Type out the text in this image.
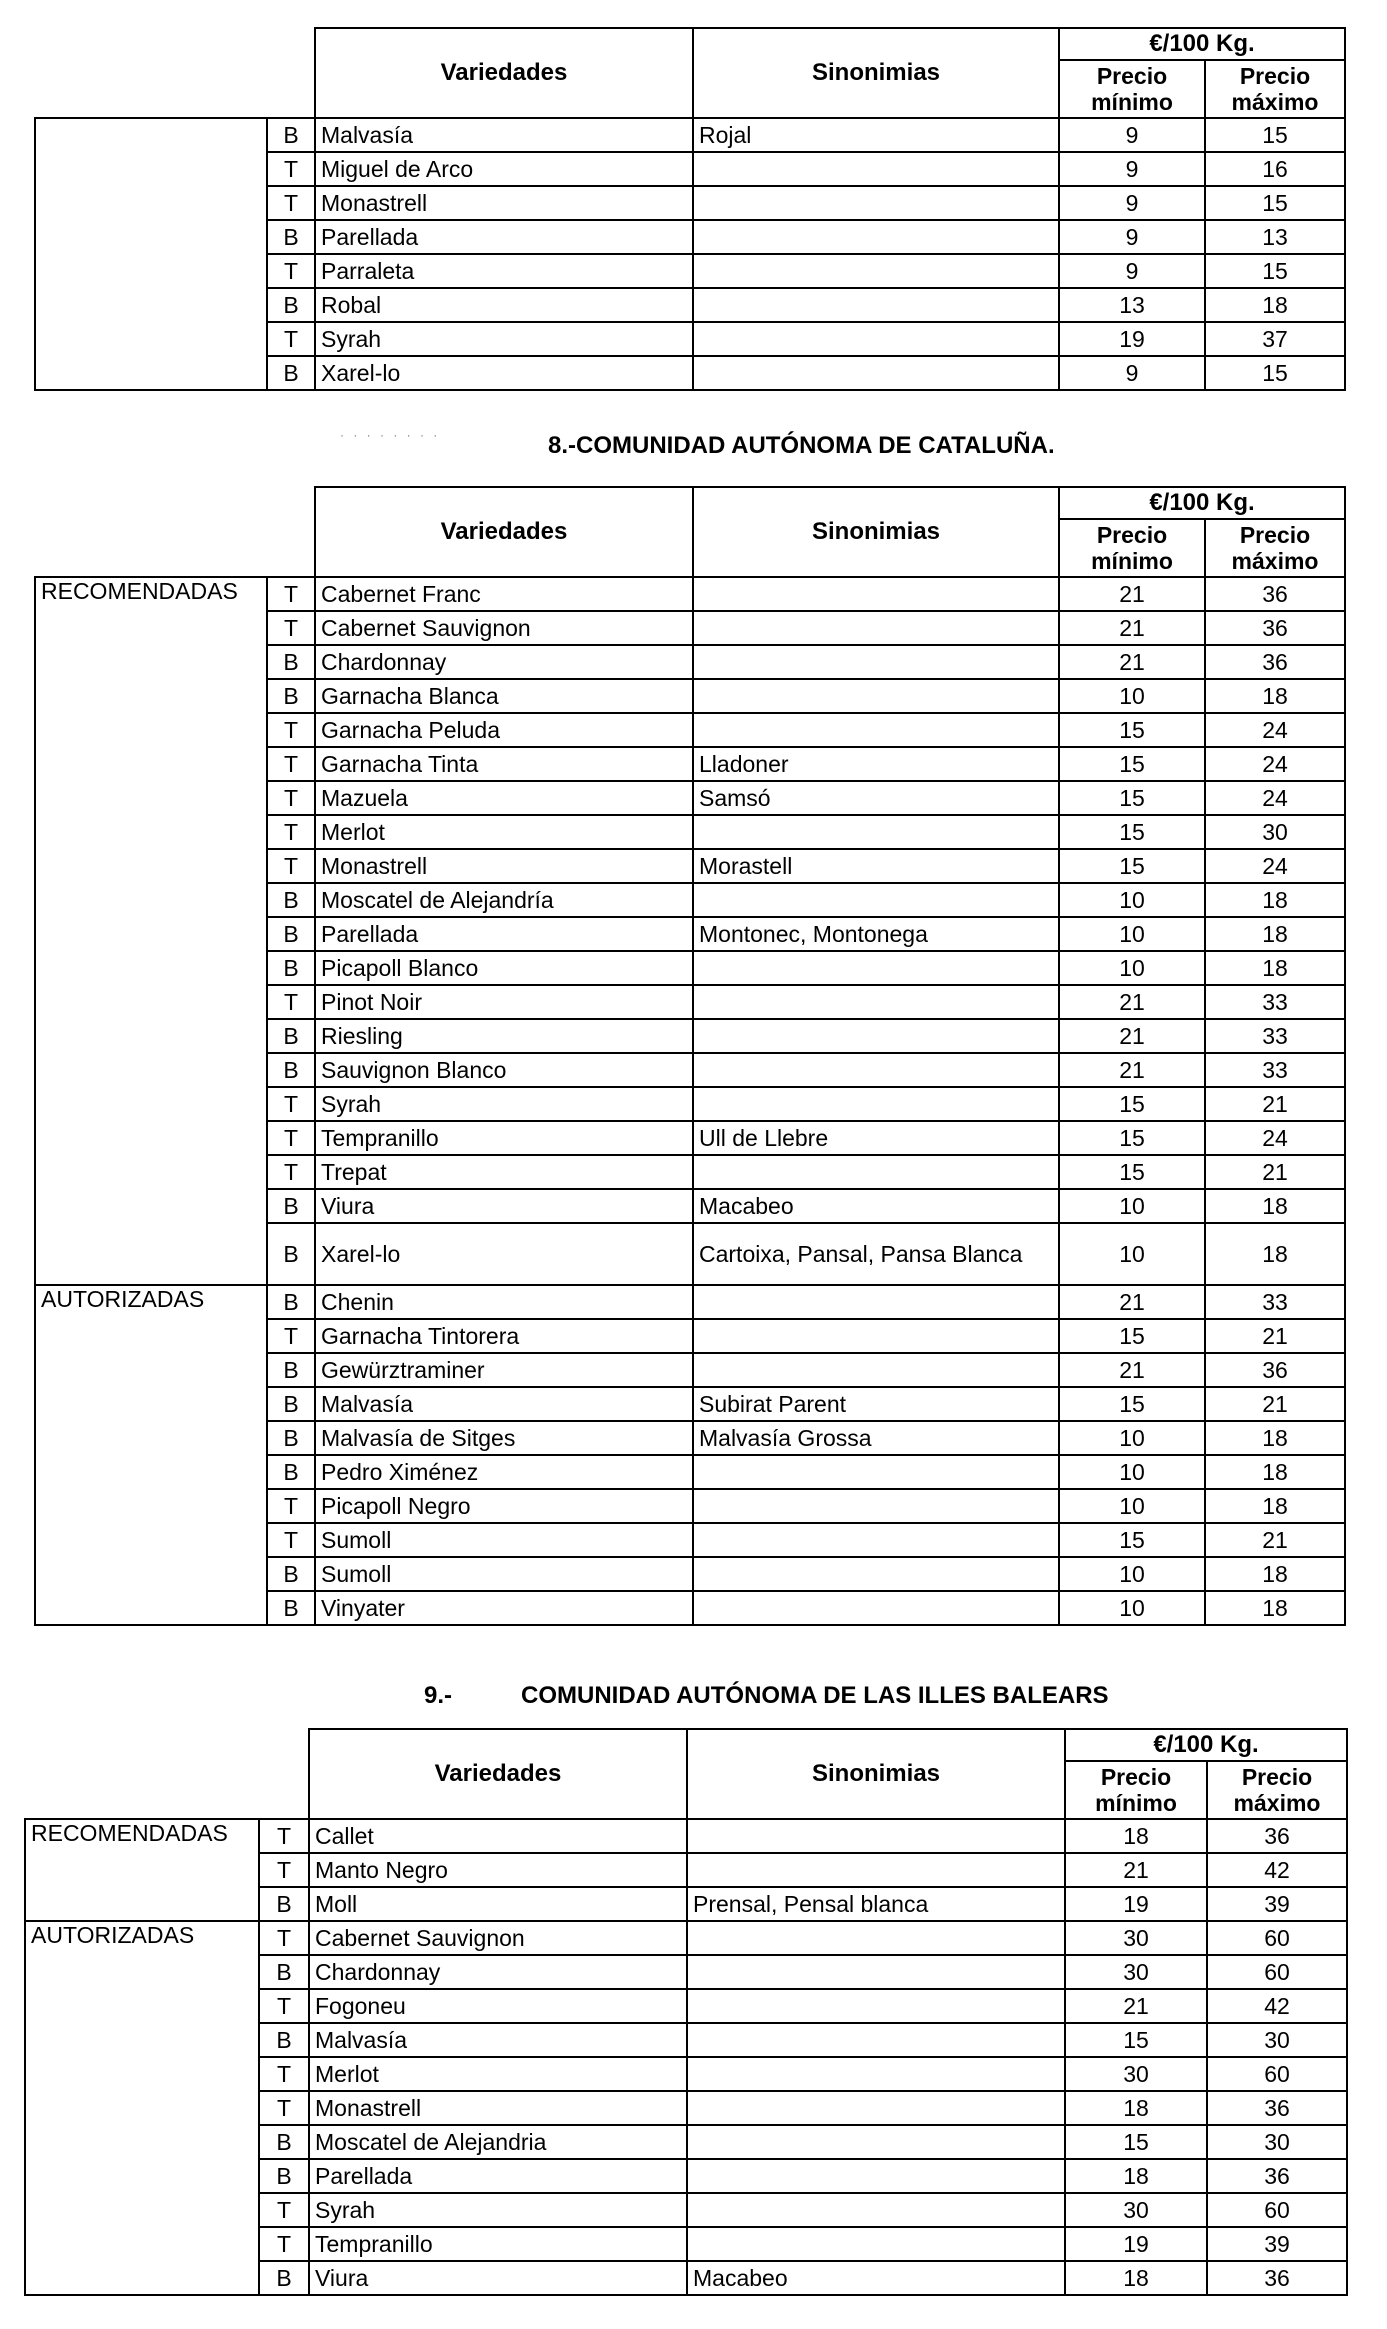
		Variedades	Sinonimias	€/100 Kg.	
				Precio mínimo	Precio máximo
	B	Malvasía	Rojal	9	15
	T	Miguel de Arco		9	16
	T	Monastrell		9	15
	B	Parellada		9	13
	T	Parraleta		9	15
	B	Robal		13	18
	T	Syrah		19	37
	B	Xarel-lo		9	15
· · · · · · · ·	8.-COMUNIDAD AUTÓNOMA DE CATALUÑA.
		Variedades	Sinonimias	€/100 Kg.	
				Precio mínimo	Precio máximo
RECOMENDADAS	T	Cabernet Franc		21	36
	T	Cabernet Sauvignon		21	36
	B	Chardonnay		21	36
	B	Garnacha Blanca		10	18
	T	Garnacha Peluda		15	24
	T	Garnacha Tinta	Lladoner	15	24
	T	Mazuela	Samsó	15	24
	T	Merlot		15	30
	T	Monastrell	Morastell	15	24
	B	Moscatel de Alejandría		10	18
	B	Parellada	Montonec, Montonega	10	18
	B	Picapoll Blanco		10	18
	T	Pinot Noir		21	33
	B	Riesling		21	33
	B	Sauvignon Blanco		21	33
	T	Syrah		15	21
	T	Tempranillo	Ull de Llebre	15	24
	T	Trepat		15	21
	B	Viura	Macabeo	10	18
	B	Xarel-lo	Cartoixa, Pansal, Pansa Blanca	10	18
AUTORIZADAS	B	Chenin		21	33
	T	Garnacha Tintorera		15	21
	B	Gewürztraminer		21	36
	B	Malvasía	Subirat Parent	15	21
	B	Malvasía de Sitges	Malvasía Grossa	10	18
	B	Pedro Ximénez		10	18
	T	Picapoll Negro		10	18
	T	Sumoll		15	21
	B	Sumoll		10	18
	B	Vinyater		10	18
9.-	COMUNIDAD AUTÓNOMA DE LAS ILLES BALEARS
		Variedades	Sinonimias	€/100 Kg.	
				Precio mínimo	Precio máximo
RECOMENDADAS	T	Callet		18	36
	T	Manto Negro		21	42
	B	Moll	Prensal, Pensal blanca	19	39
AUTORIZADAS	T	Cabernet Sauvignon		30	60
	B	Chardonnay		30	60
	T	Fogoneu		21	42
	B	Malvasía		15	30
	T	Merlot		30	60
	T	Monastrell		18	36
	B	Moscatel de Alejandria		15	30
	B	Parellada		18	36
	T	Syrah		30	60
	T	Tempranillo		19	39
	B	Viura	Macabeo	18	36
